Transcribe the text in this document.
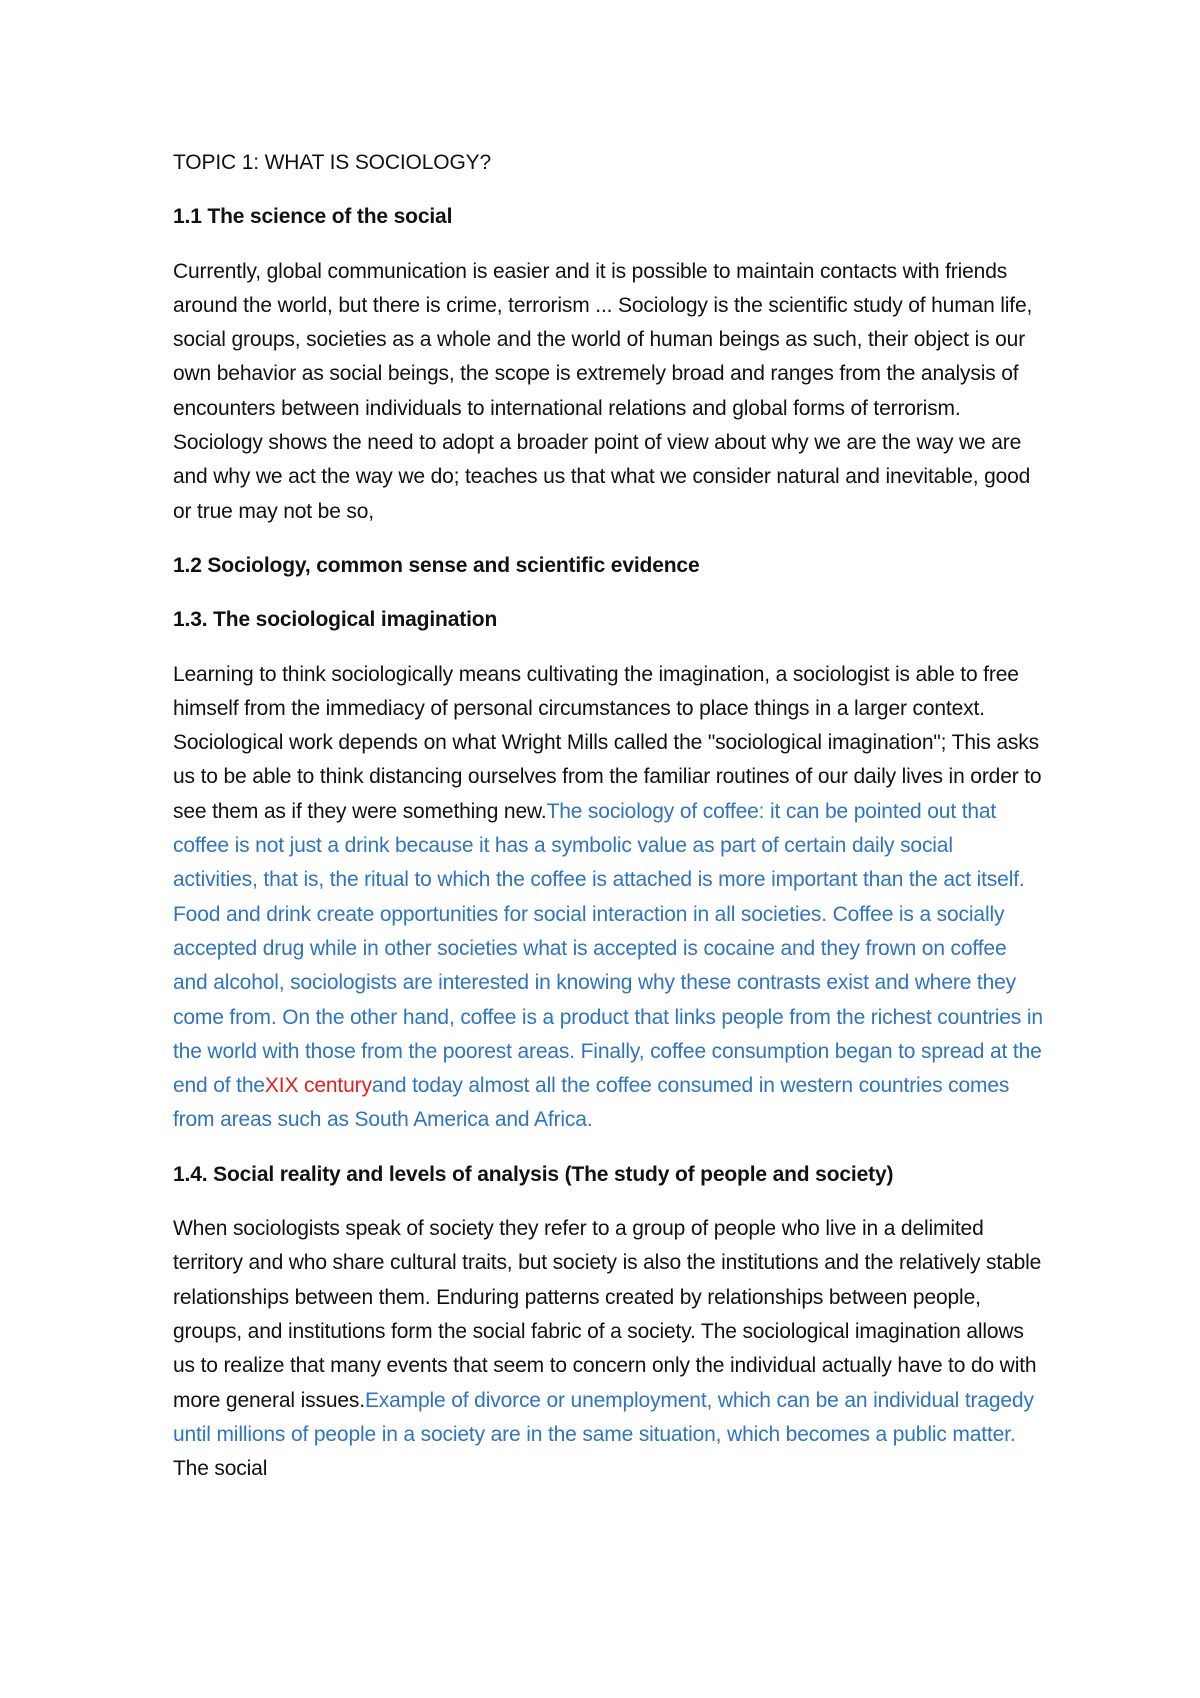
TOPIC 1: WHAT IS SOCIOLOGY?

1.1 The science of the social

Currently, global communication is easier and it is possible to maintain contacts with friends around the world, but there is crime, terrorism ... Sociology is the scientific study of human life, social groups, societies as a whole and the world of human beings as such, their object is our own behavior as social beings, the scope is extremely broad and ranges from the analysis of encounters between individuals to international relations and global forms of terrorism. Sociology shows the need to adopt a broader point of view about why we are the way we are and why we act the way we do; teaches us that what we consider natural and inevitable, good or true may not be so,

1.2 Sociology, common sense and scientific evidence

1.3. The sociological imagination

Learning to think sociologically means cultivating the imagination, a sociologist is able to free himself from the immediacy of personal circumstances to place things in a larger context. Sociological work depends on what Wright Mills called the "sociological imagination"; This asks us to be able to think distancing ourselves from the familiar routines of our daily lives in order to see them as if they were something new.The sociology of coffee: it can be pointed out that coffee is not just a drink because it has a symbolic value as part of certain daily social activities, that is, the ritual to which the coffee is attached is more important than the act itself. Food and drink create opportunities for social interaction in all societies. Coffee is a socially accepted drug while in other societies what is accepted is cocaine and they frown on coffee and alcohol, sociologists are interested in knowing why these contrasts exist and where they come from. On the other hand, coffee is a product that links people from the richest countries in the world with those from the poorest areas. Finally, coffee consumption began to spread at the end of theXIX centuryand today almost all the coffee consumed in western countries comes from areas such as South America and Africa.

1.4. Social reality and levels of analysis (The study of people and society)

When sociologists speak of society they refer to a group of people who live in a delimited territory and who share cultural traits, but society is also the institutions and the relatively stable relationships between them. Enduring patterns created by relationships between people, groups, and institutions form the social fabric of a society. The sociological imagination allows us to realize that many events that seem to concern only the individual actually have to do with more general issues.Example of divorce or unemployment, which can be an individual tragedy until millions of people in a society are in the same situation, which becomes a public matter. The social
